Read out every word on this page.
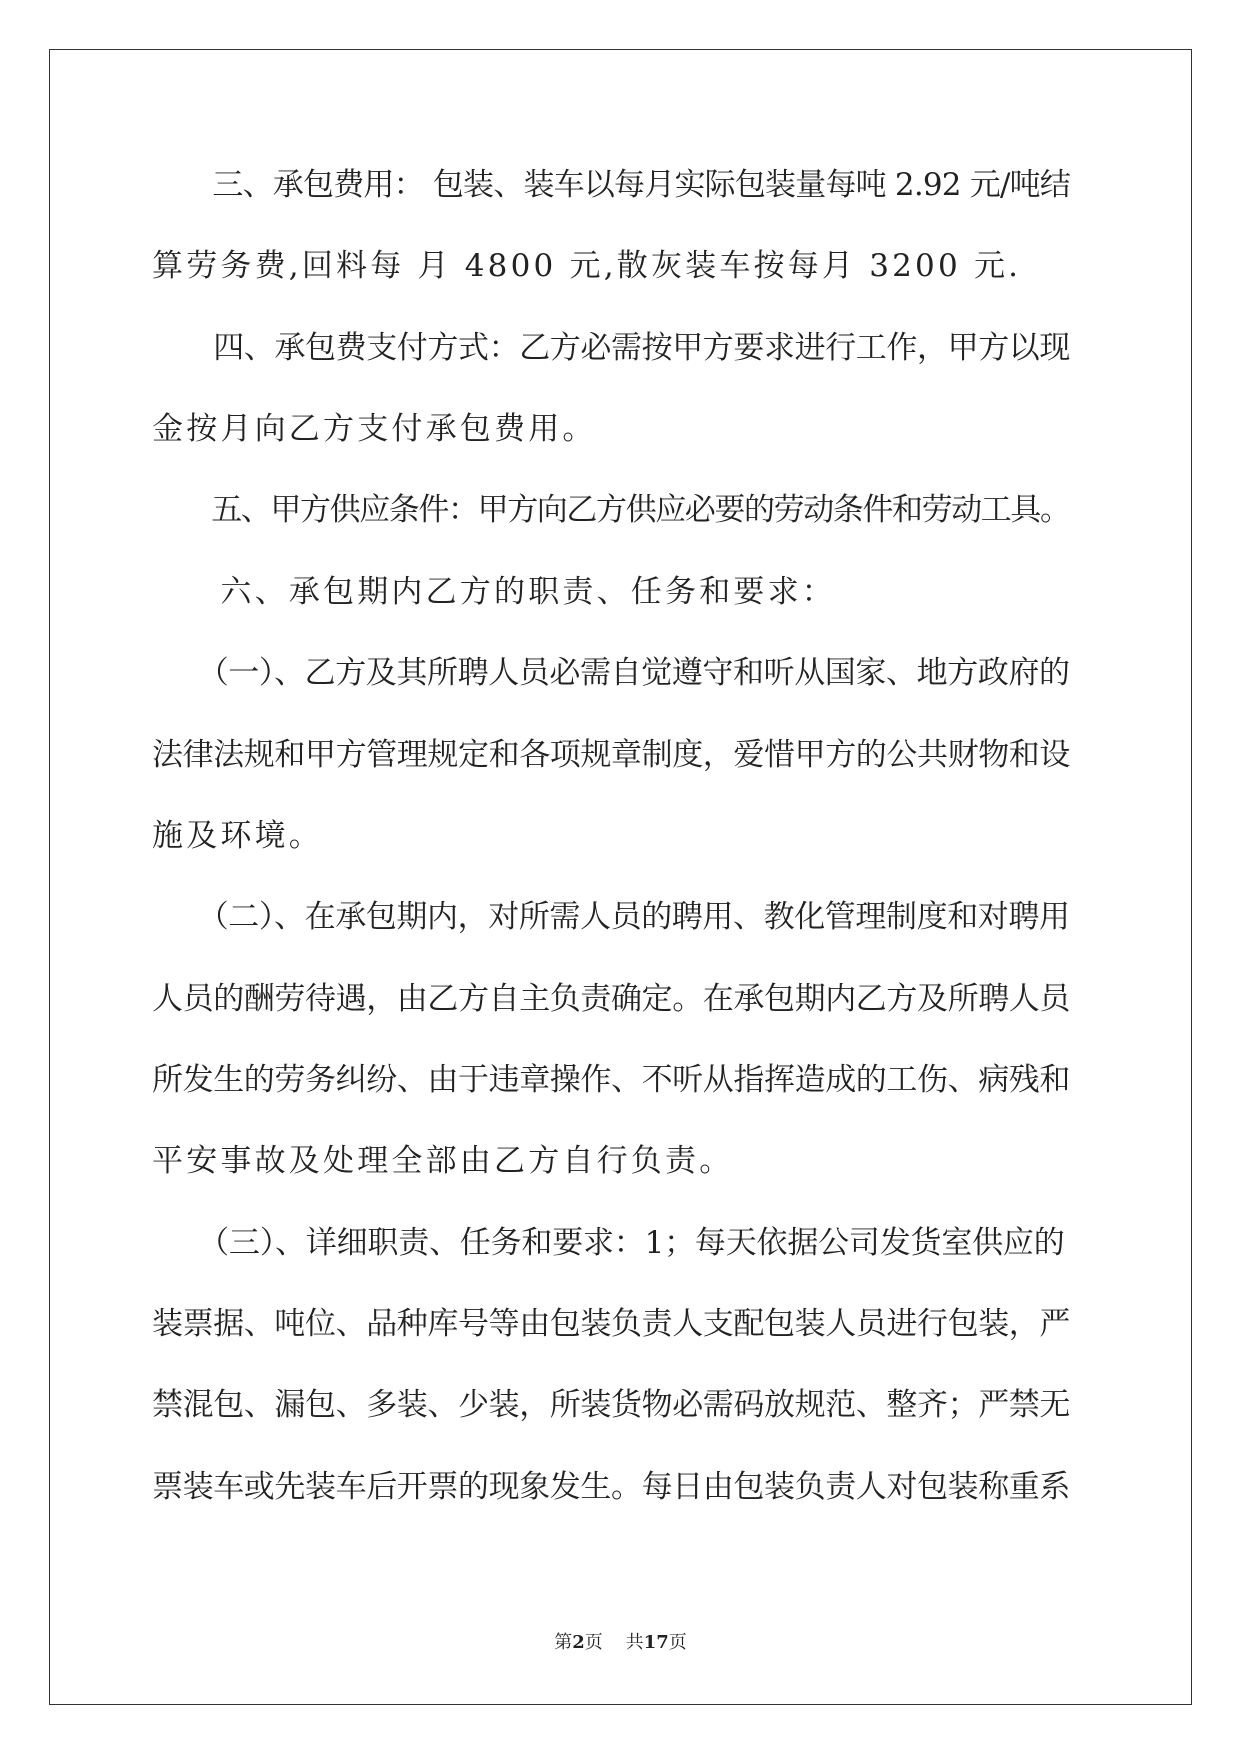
　　三、承包费用： 包装、装车以每月实际包装量每吨 2.92 元/吨结
算劳务费,回料每 月 4800 元,散灰装车按每月 3200 元.
　　四、承包费支付方式：乙方必需按甲方要求进行工作，甲方以现
金按月向乙方支付承包费用。
　　五、甲方供应条件：甲方向乙方供应必要的劳动条件和劳动工具。
　　六、承包期内乙方的职责、任务和要求：
　　（一）、乙方及其所聘人员必需自觉遵守和听从国家、地方政府的
法律法规和甲方管理规定和各项规章制度，爱惜甲方的公共财物和设
施及环境。
　　（二）、在承包期内，对所需人员的聘用、教化管理制度和对聘用
人员的酬劳待遇，由乙方自主负责确定。在承包期内乙方及所聘人员
所发生的劳务纠纷、由于违章操作、不听从指挥造成的工伤、病残和
平安事故及处理全部由乙方自行负责。
　　（三）、详细职责、任务和要求：1；每天依据公司发货室供应的
装票据、吨位、品种库号等由包装负责人支配包装人员进行包装，严
禁混包、漏包、多装、少装，所装货物必需码放规范、整齐；严禁无
票装车或先装车后开票的现象发生。每日由包装负责人对包装称重系
第2页 共17页
